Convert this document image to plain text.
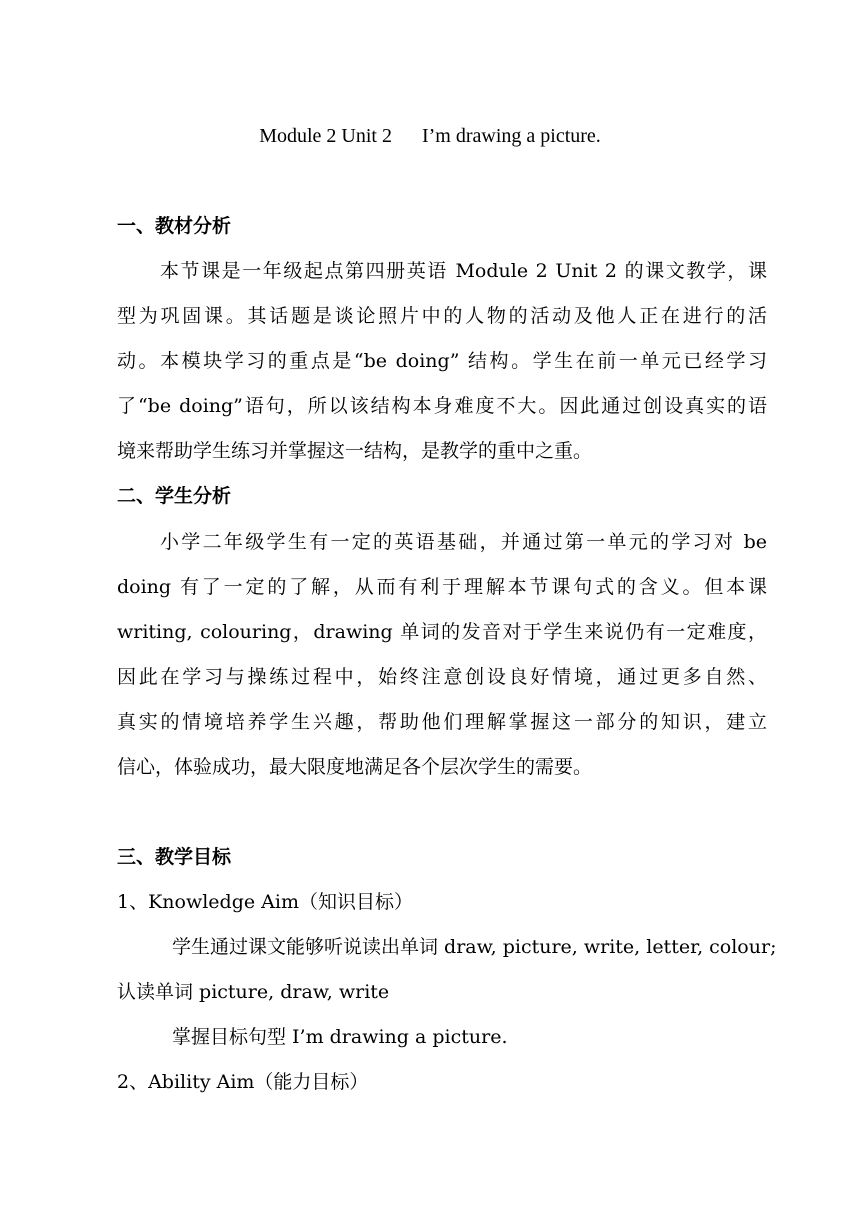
Module 2 Unit 2 I’m drawing a picture.
一、教材分析
本节课是一年级起点第四册英语 Module 2 Unit 2 的课文教学，课
型为巩固课。其话题是谈论照片中的人物的活动及他人正在进行的活
动。本模块学习的重点是“be doing” 结构。学生在前一单元已经学习
了“be doing”语句，所以该结构本身难度不大。因此通过创设真实的语
境来帮助学生练习并掌握这一结构，是教学的重中之重。
二、学生分析
小学二年级学生有一定的英语基础，并通过第一单元的学习对 be
doing 有了一定的了解，从而有利于理解本节课句式的含义。但本课
writing, colouring，drawing 单词的发音对于学生来说仍有一定难度，
因此在学习与操练过程中，始终注意创设良好情境，通过更多自然、
真实的情境培养学生兴趣，帮助他们理解掌握这一部分的知识，建立
信心，体验成功，最大限度地满足各个层次学生的需要。
三、教学目标
1、Knowledge Aim（知识目标）
学生通过课文能够听说读出单词 draw, picture, write, letter, colour;
认读单词 picture, draw, write
掌握目标句型 I’m drawing a picture.
2、Ability Aim（能力目标）
